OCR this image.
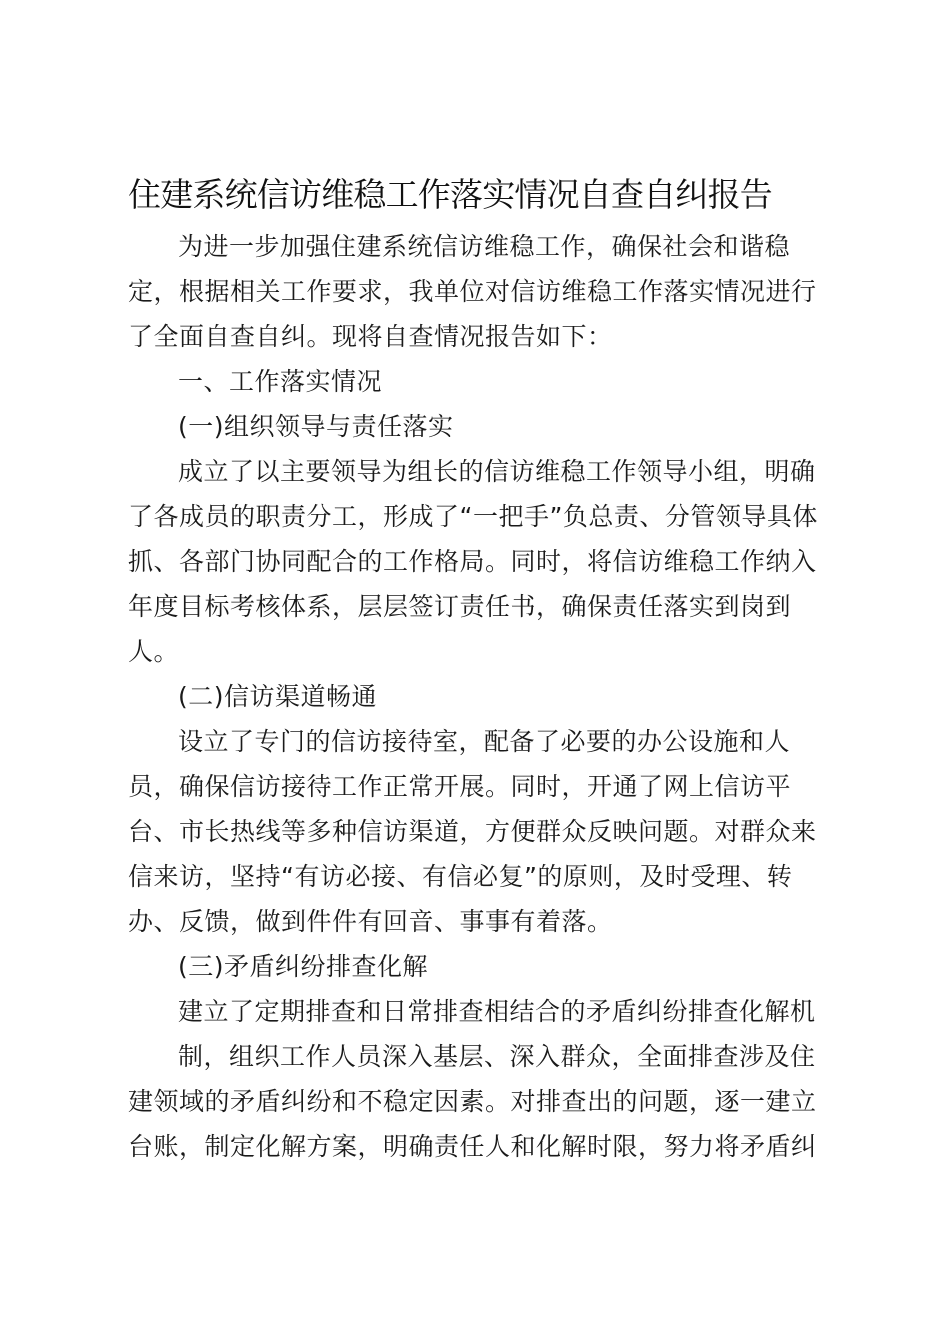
住建系统信访维稳工作落实情况自查自纠报告
为进一步加强住建系统信访维稳工作，确保社会和谐稳
定，根据相关工作要求，我单位对信访维稳工作落实情况进行
了全面自查自纠。现将自查情况报告如下：
一、工作落实情况
(一)组织领导与责任落实
成立了以主要领导为组长的信访维稳工作领导小组，明确
了各成员的职责分工，形成了“一把手”负总责、分管领导具体
抓、各部门协同配合的工作格局。同时，将信访维稳工作纳入
年度目标考核体系，层层签订责任书，确保责任落实到岗到
人。
(二)信访渠道畅通
设立了专门的信访接待室，配备了必要的办公设施和人
员，确保信访接待工作正常开展。同时，开通了网上信访平
台、市长热线等多种信访渠道，方便群众反映问题。对群众来
信来访，坚持“有访必接、有信必复”的原则，及时受理、转
办、反馈，做到件件有回音、事事有着落。
(三)矛盾纠纷排查化解
建立了定期排查和日常排查相结合的矛盾纠纷排查化解机
制，组织工作人员深入基层、深入群众，全面排查涉及住
建领域的矛盾纠纷和不稳定因素。对排查出的问题，逐一建立
台账，制定化解方案，明确责任人和化解时限，努力将矛盾纠
